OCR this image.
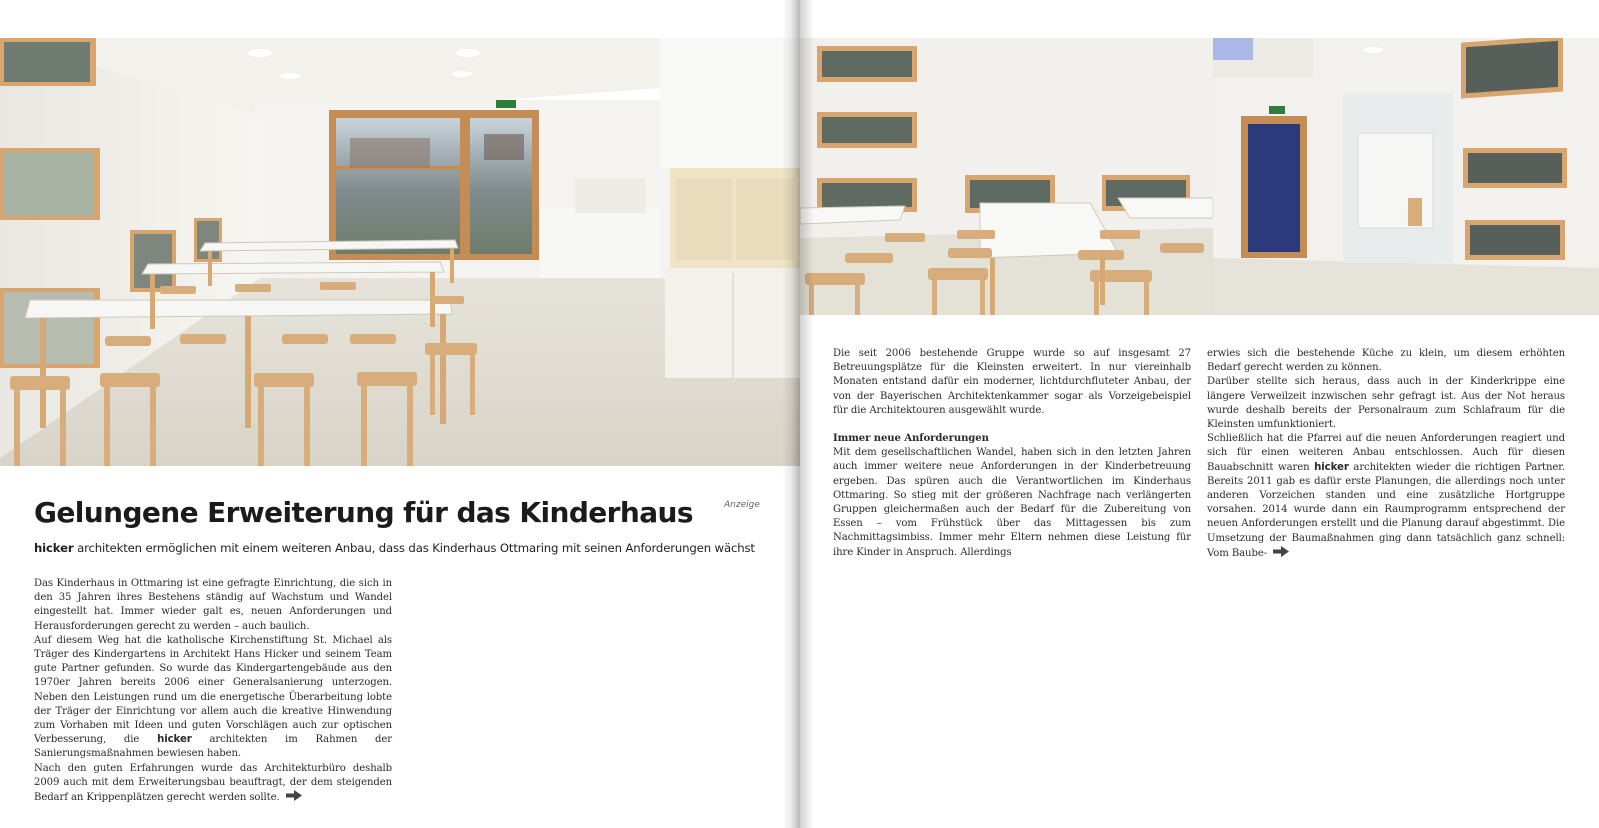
Anzeige
Gelungene Erweiterung für das Kinderhaus

hicker architekten ermöglichen mit einem weiteren Anbau, dass das Kinderhaus Ottmaring mit seinen Anforderungen wächst

Das Kinderhaus in Ottmaring ist eine gefragte Einrichtung, die sich in den 35 Jahren ihres Bestehens ständig auf Wachstum und Wandel eingestellt hat. Immer wieder galt es, neuen Anforderungen und Herausforderungen gerecht zu werden – auch baulich.

Auf diesem Weg hat die katholische Kirchenstiftung St. Michael als Träger des Kindergartens in Architekt Hans Hicker und seinem Team gute Partner gefunden. So wurde das Kindergartengebäude aus den 1970er Jahren bereits 2006 einer Generalsanierung unterzogen. Neben den Leistungen rund um die energetische Überarbeitung lobte der Träger der Einrichtung vor allem auch die kreative Hinwendung zum Vorhaben mit Ideen und guten Vorschlägen auch zur optischen Verbesserung, die hicker architekten im Rahmen der Sanierungsmaßnahmen bewiesen haben.

Nach den guten Erfahrungen wurde das Architekturbüro deshalb 2009 auch mit dem Erweiterungsbau beauftragt, der dem steigenden Bedarf an Krippenplätzen gerecht werden sollte.

Die seit 2006 bestehende Gruppe wurde so auf insgesamt 27 Betreuungsplätze für die Kleinsten erweitert. In nur viereinhalb Monaten entstand dafür ein moderner, lichtdurchfluteter Anbau, der von der Bayerischen Architektenkammer sogar als Vorzeigebeispiel für die Architektouren ausgewählt wurde.

Immer neue Anforderungen

Mit dem gesellschaftlichen Wandel, haben sich in den letzten Jahren auch immer weitere neue Anforderungen in der Kinderbetreuung ergeben. Das spüren auch die Verantwortlichen im Kinderhaus Ottmaring. So stieg mit der größeren Nachfrage nach verlängerten Gruppen gleichermaßen auch der Bedarf für die Zubereitung von Essen – vom Frühstück über das Mittagessen bis zum Nachmittagsimbiss. Immer mehr Eltern nehmen diese Leistung für ihre Kinder in Anspruch. Allerdings

erwies sich die bestehende Küche zu klein, um diesem erhöhten Bedarf gerecht werden zu können.

Darüber stellte sich heraus, dass auch in der Kinderkrippe eine längere Verweilzeit inzwischen sehr gefragt ist. Aus der Not heraus wurde deshalb bereits der Personalraum zum Schlafraum für die Kleinsten umfunktioniert.

Schließlich hat die Pfarrei auf die neuen Anforderungen reagiert und sich für einen weiteren Anbau entschlossen. Auch für diesen Bauabschnitt waren hicker architekten wieder die richtigen Partner. Bereits 2011 gab es dafür erste Planungen, die allerdings noch unter anderen Vorzeichen standen und eine zusätzliche Hortgruppe vorsahen. 2014 wurde dann ein Raumprogramm entsprechend der neuen Anforderungen erstellt und die Planung darauf abgestimmt. Die Umsetzung der Baumaßnahmen ging dann tatsächlich ganz schnell: Vom Baube-
